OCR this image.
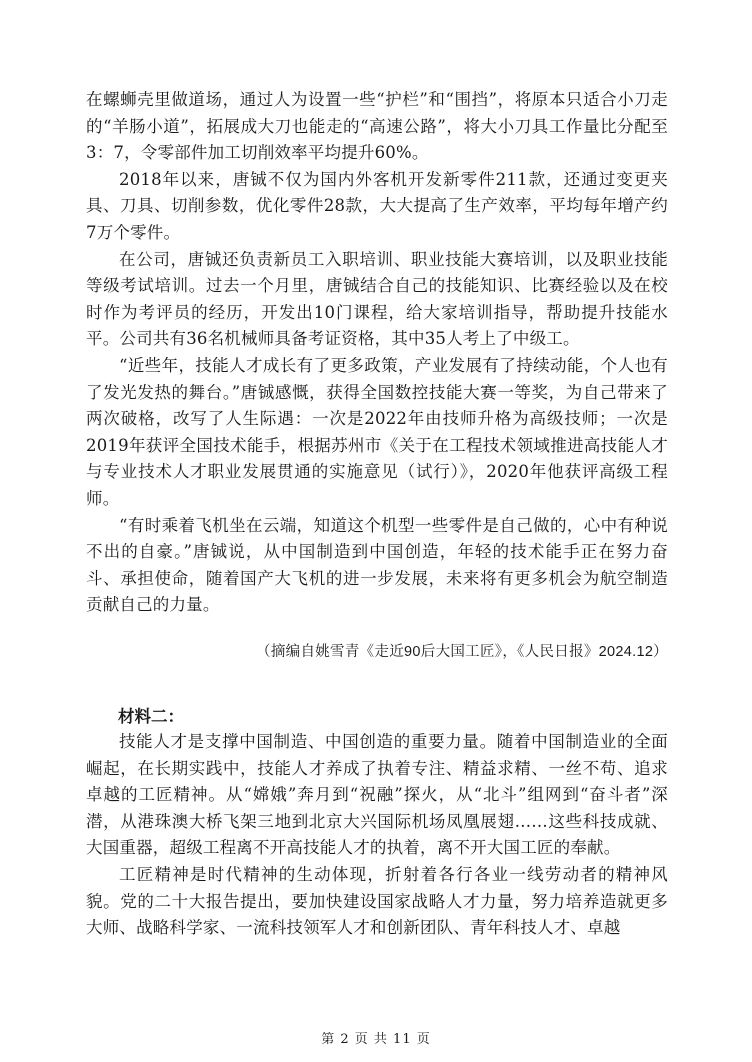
在螺蛳壳里做道场，通过人为设置一些“护栏”和“围挡”，将原本只适合小刀走的“羊肠小道”，拓展成大刀也能走的“高速公路”，将大小刀具工作量比分配至3：7，令零部件加工切削效率平均提升60%。

2018年以来，唐铖不仅为国内外客机开发新零件211款，还通过变更夹具、刀具、切削参数，优化零件28款，大大提高了生产效率，平均每年增产约7万个零件。

在公司，唐铖还负责新员工入职培训、职业技能大赛培训，以及职业技能等级考试培训。过去一个月里，唐铖结合自己的技能知识、比赛经验以及在校时作为考评员的经历，开发出10门课程，给大家培训指导，帮助提升技能水平。公司共有36名机械师具备考证资格，其中35人考上了中级工。

“近些年，技能人才成长有了更多政策，产业发展有了持续动能，个人也有了发光发热的舞台。”唐铖感慨，获得全国数控技能大赛一等奖，为自己带来了两次破格，改写了人生际遇：一次是2022年由技师升格为高级技师；一次是2019年获评全国技术能手，根据苏州市《关于在工程技术领域推进高技能人才与专业技术人才职业发展贯通的实施意见（试行）》，2020年他获评高级工程师。

“有时乘着飞机坐在云端，知道这个机型一些零件是自己做的，心中有种说不出的自豪。”唐铖说，从中国制造到中国创造，年轻的技术能手正在努力奋斗、承担使命，随着国产大飞机的进一步发展，未来将有更多机会为航空制造贡献自己的力量。

（摘编自姚雪青《走近90后大国工匠》，《人民日报》2024.12）
材料二：

技能人才是支撑中国制造、中国创造的重要力量。随着中国制造业的全面崛起，在长期实践中，技能人才养成了执着专注、精益求精、一丝不苟、追求卓越的工匠精神。从“嫦娥”奔月到“祝融”探火，从“北斗”组网到“奋斗者”深潜，从港珠澳大桥飞架三地到北京大兴国际机场凤凰展翅……这些科技成就、大国重器，超级工程离不开高技能人才的执着，离不开大国工匠的奉献。

工匠精神是时代精神的生动体现，折射着各行各业一线劳动者的精神风貌。党的二十大报告提出，要加快建设国家战略人才力量，努力培养造就更多大师、战略科学家、一流科技领军人才和创新团队、青年科技人才、卓越

第 2 页 共 11 页
